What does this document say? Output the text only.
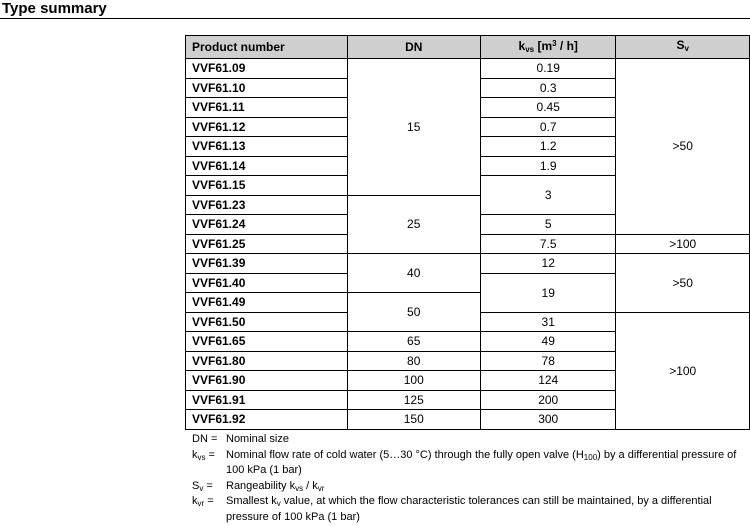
Type summary
Product number	DN	$k_{vs}$ $[m^3 / h]$	$S_v$
VVF61.09	15	0.19	>50
VVF61.10		0.3	
VVF61.11		0.45	
VVF61.12		0.7	
VVF61.13		1.2	
VVF61.14		1.9	
VVF61.15		3	
VVF61.23	25		
VVF61.24		5	
VVF61.25		7.5	>100
VVF61.39	40	12	>50
VVF61.40		19	
VVF61.49	50		
VVF61.50		31	>100
VVF61.65	65	49	
VVF61.80	80	78	
VVF61.90	100	124	
VVF61.91	125	200	
VVF61.92	150	300	
DN = Nominal size
$k_{vs}$ =	Nominal flow rate of cold water (5…30 °C) through the fully open valve $(H_{100})$ by a differential pressure of 100 kPa (1 bar)
$S_v$ =	Rangeability $k_{vs} / k_{vr}$
$k_{vr}$ =	Smallest $k_v$ value, at which the flow characteristic tolerances can still be maintained, by a differential pressure of 100 kPa (1 bar)
